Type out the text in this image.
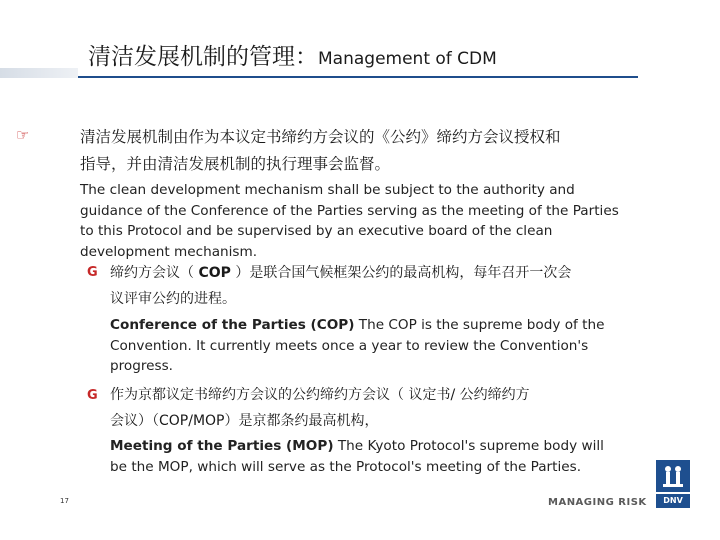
清洁发展机制的管理：Management of CDM
☞	清洁发展机制由作为本议定书缔约方会议的《公约》缔约方会议授权和
指导，并由清洁发展机制的执行理事会监督。
The clean development mechanism shall be subject to the authority and
guidance of the Conference of the Parties serving as the meeting of the Parties
to this Protocol and be supervised by an executive board of the clean
development mechanism.
G 缔约方会议（ COP ）是联合国气候框架公约的最高机构，每年召开一次会
议评审公约的进程。
Conference of the Parties (COP) The COP is the supreme body of the
Convention. It currently meets once a year to review the Convention's
progress.
G 作为京都议定书缔约方会议的公约缔约方会议（ 议定书/ 公约缔约方
会议）（COP/MOP）是京都条约最高机构，
Meeting of the Parties (MOP) The Kyoto Protocol's supreme body will
be the MOP, which will serve as the Protocol's meeting of the Parties.
17	MANAGING RISK	DNV
